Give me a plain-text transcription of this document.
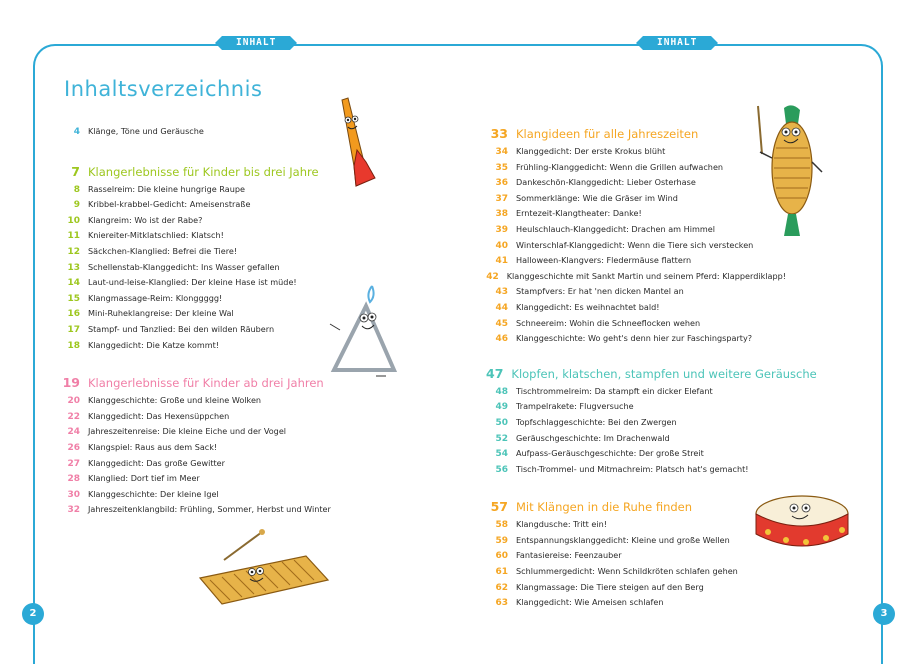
INHALT	INHALT
Inhaltsverzeichnis
4 Klänge, Töne und Geräusche
7 Klangerlebnisse für Kinder bis drei Jahre
8 Rasselreim: Die kleine hungrige Raupe
9 Kribbel-krabbel-Gedicht: Ameisenstraße
10 Klangreim: Wo ist der Rabe?
11 Kniereiter-Mitklatschlied: Klatsch!
12 Säckchen-Klanglied: Befrei die Tiere!
13 Schellenstab-Klanggedicht: Ins Wasser gefallen
14 Laut-und-leise-Klanglied: Der kleine Hase ist müde!
15 Klangmassage-Reim: Klonggggg!
16 Mini-Ruheklangreise: Der kleine Wal
17 Stampf- und Tanzlied: Bei den wilden Räubern
18 Klanggedicht: Die Katze kommt!
19 Klangerlebnisse für Kinder ab drei Jahren
20 Klanggeschichte: Große und kleine Wolken
22 Klanggedicht: Das Hexensüppchen
24 Jahreszeitenreise: Die kleine Eiche und der Vogel
26 Klangspiel: Raus aus dem Sack!
27 Klanggedicht: Das große Gewitter
28 Klanglied: Dort tief im Meer
30 Klanggeschichte: Der kleine Igel
32 Jahreszeitenklangbild: Frühling, Sommer, Herbst und Winter
33 Klangideen für alle Jahreszeiten
34 Klanggedicht: Der erste Krokus blüht
35 Frühling-Klanggedicht: Wenn die Grillen aufwachen
36 Dankeschön-Klanggedicht: Lieber Osterhase
37 Sommerklänge: Wie die Gräser im Wind
38 Erntezeit-Klangtheater: Danke!
39 Heulschlauch-Klanggedicht: Drachen am Himmel
40 Winterschlaf-Klanggedicht: Wenn die Tiere sich verstecken
41 Halloween-Klangvers: Fledermäuse flattern
42 Klanggeschichte mit Sankt Martin und seinem Pferd: Klapperdiklapp!
43 Stampfvers: Er hat 'nen dicken Mantel an
44 Klanggedicht: Es weihnachtet bald!
45 Schneereim: Wohin die Schneeflocken wehen
46 Klanggeschichte: Wo geht's denn hier zur Faschingsparty?
47 Klopfen, klatschen, stampfen und weitere Geräusche
48 Tischtrommelreim: Da stampft ein dicker Elefant
49 Trampelrakete: Flugversuche
50 Topfschlaggeschichte: Bei den Zwergen
52 Geräuschgeschichte: Im Drachenwald
54 Aufpass-Geräuschgeschichte: Der große Streit
56 Tisch-Trommel- und Mitmachreim: Platsch hat's gemacht!
57 Mit Klängen in die Ruhe finden
58 Klangdusche: Tritt ein!
59 Entspannungsklanggedicht: Kleine und große Wellen
60 Fantasiereise: Feenzauber
61 Schlummergedicht: Wenn Schildkröten schlafen gehen
62 Klangmassage: Die Tiere steigen auf den Berg
63 Klanggedicht: Wie Ameisen schlafen
2	3
